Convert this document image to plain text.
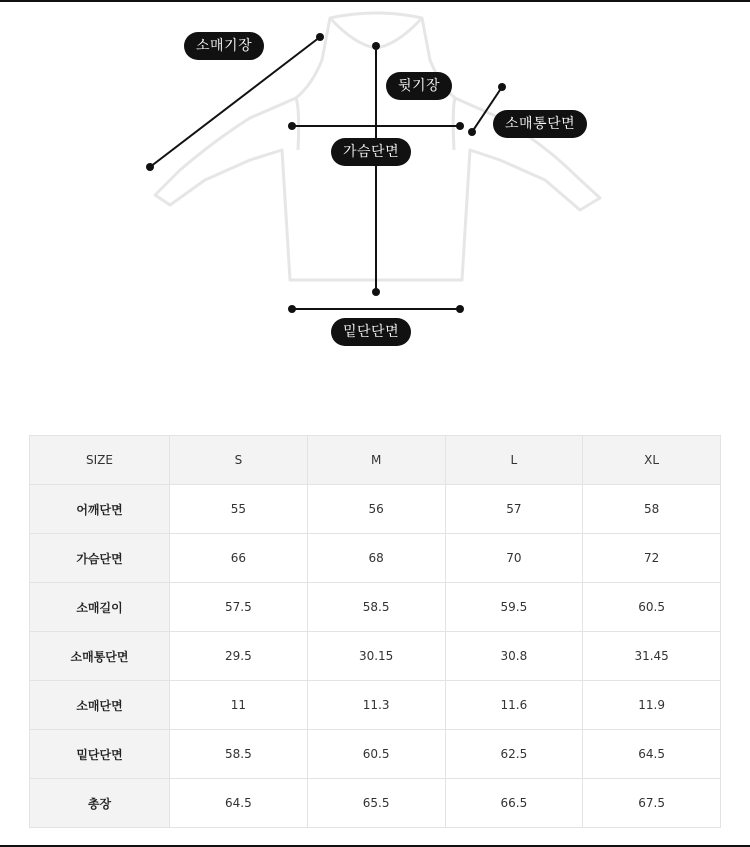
소매기장
뒷기장
소매통단면
가슴단면
밑단단면
SIZE	S	M	L	XL
어깨단면	55	56	57	58
가슴단면	66	68	70	72
소매길이	57.5	58.5	59.5	60.5
소매통단면	29.5	30.15	30.8	31.45
소매단면	11	11.3	11.6	11.9
밑단단면	58.5	60.5	62.5	64.5
총장	64.5	65.5	66.5	67.5
